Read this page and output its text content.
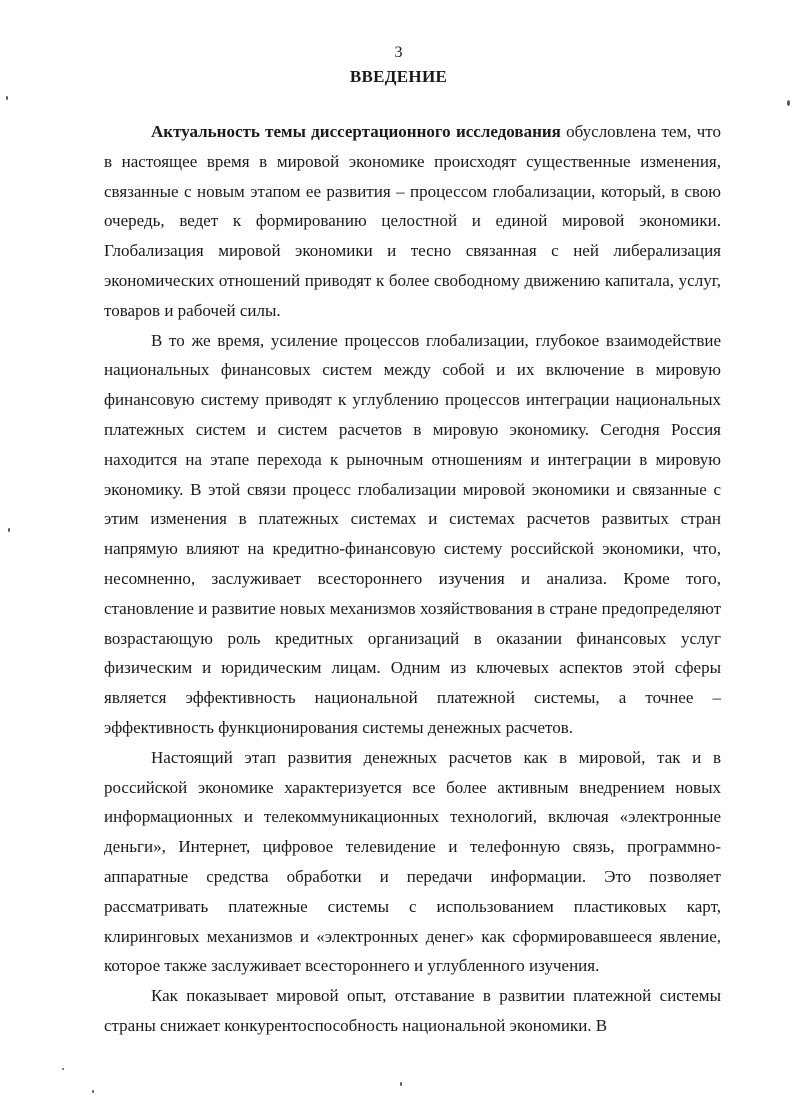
3
ВВЕДЕНИЕ

Актуальность темы диссертационного исследования обусловлена тем, что в настоящее время в мировой экономике происходят существенные изменения, связанные с новым этапом ее развития – процессом глобализации, который, в свою очередь, ведет к формированию целостной и единой мировой экономики. Глобализация мировой экономики и тесно связанная с ней либерализация экономических отношений приводят к более свободному движению капитала, услуг, товаров и рабочей силы.

В то же время, усиление процессов глобализации, глубокое взаимодействие национальных финансовых систем между собой и их включение в мировую финансовую систему приводят к углублению процессов интеграции национальных платежных систем и систем расчетов в мировую экономику. Сегодня Россия находится на этапе перехода к рыночным отношениям и интеграции в мировую экономику. В этой связи процесс глобализации мировой экономики и связанные с этим изменения в платежных системах и системах расчетов развитых стран напрямую влияют на кредитно-финансовую систему российской экономики, что, несомненно, заслуживает всестороннего изучения и анализа. Кроме того, становление и развитие новых механизмов хозяйствования в стране предопределяют возрастающую роль кредитных организаций в оказании финансовых услуг физическим и юридическим лицам. Одним из ключевых аспектов этой сферы является эффективность национальной платежной системы, а точнее – эффективность функционирования системы денежных расчетов.

Настоящий этап развития денежных расчетов как в мировой, так и в российской экономике характеризуется все более активным внедрением новых информационных и телекоммуникационных технологий, включая «электронные деньги», Интернет, цифровое телевидение и телефонную связь, программно-аппаратные средства обработки и передачи информации. Это позволяет рассматривать платежные системы с использованием пластиковых карт, клиринговых механизмов и «электронных денег» как сформировавшееся явление, которое также заслуживает всестороннего и углубленного изучения.

Как показывает мировой опыт, отставание в развитии платежной системы страны снижает конкурентоспособность национальной экономики. В
